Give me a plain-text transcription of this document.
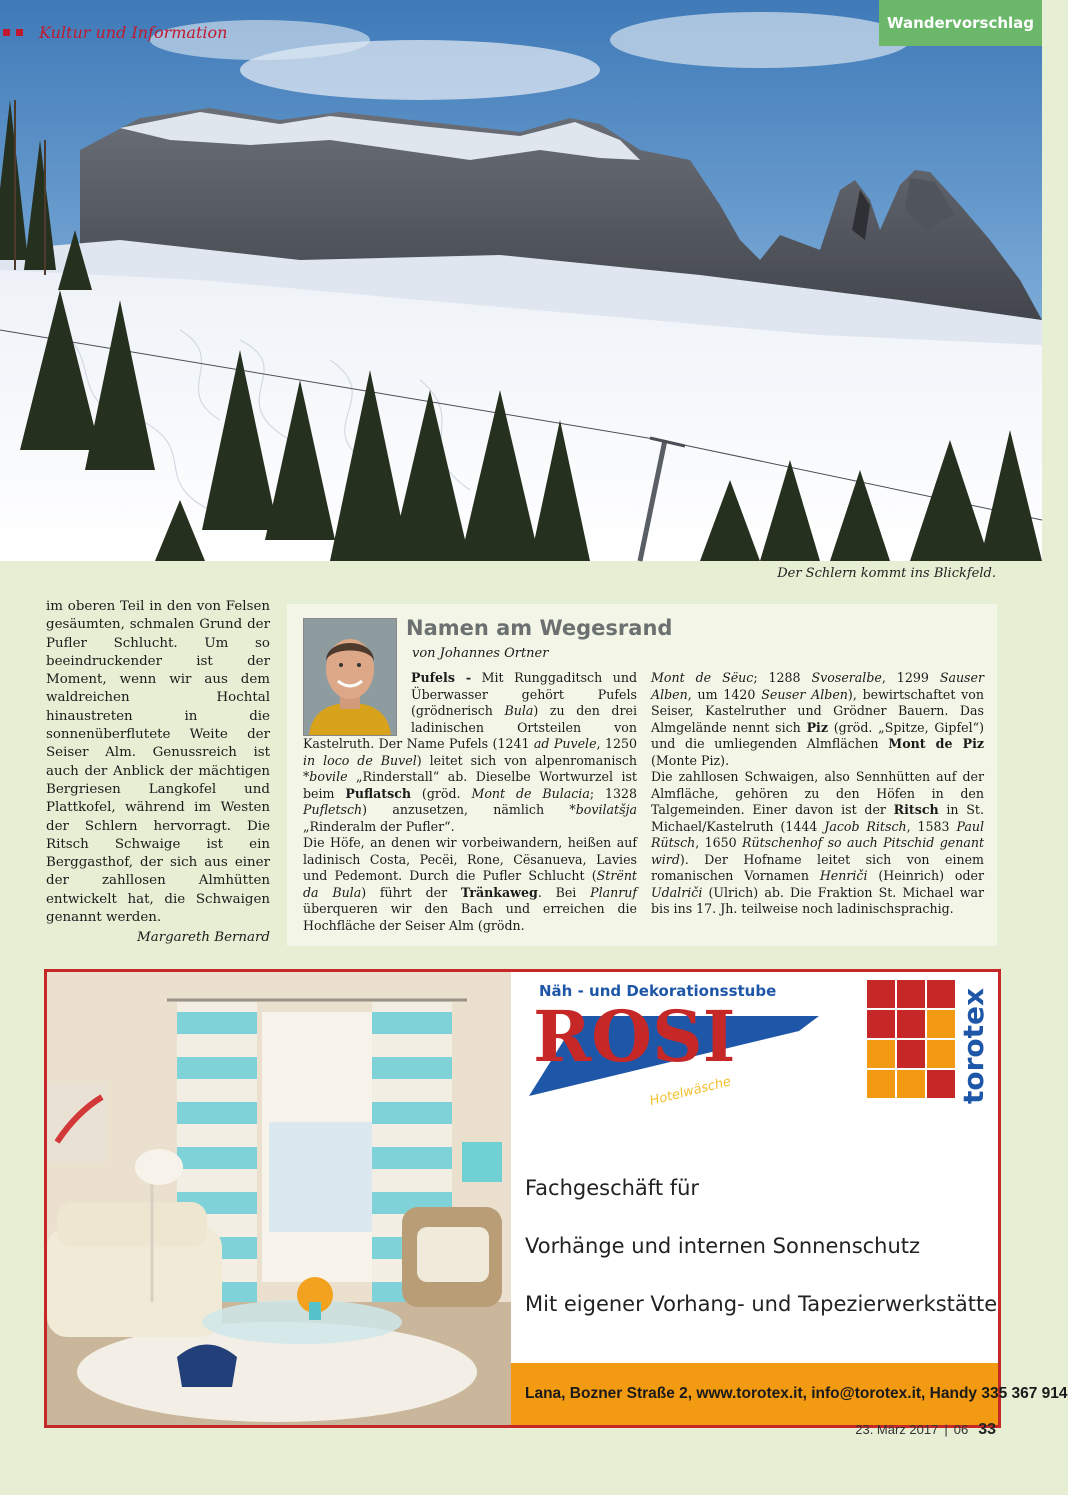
Kultur und Information	Wandervorschlag
Der Schlern kommt ins Blickfeld.
im oberen Teil in den von Felsen gesäumten, schmalen Grund der Pufler Schlucht. Um so beeindruckender ist der Moment, wenn wir aus dem waldreichen Hochtal hinaustreten in die sonnenüberflutete Weite der Seiser Alm. Genussreich ist auch der Anblick der mächtigen Bergriesen Langkofel und Plattkofel, während im Westen der Schlern hervorragt. Die Ritsch Schwaige ist ein Berggasthof, der sich aus einer der zahllosen Almhütten entwickelt hat, die Schwaigen genannt werden.
Margareth Bernard
Namen am Wegesrand
von Johannes Ortner

Pufels - Mit Runggaditsch und Überwasser gehört Pufels (grödnerisch Bula) zu den drei ladinischen Ortsteilen von Kastelruth. Der Name Pufels (1241 ad Puvele, 1250 in loco de Buvel) leitet sich von alpenromanisch *bovile „Rinderstall“ ab. Dieselbe Wortwurzel ist beim Puflatsch (gröd. Mont de Bulacia; 1328 Pufletsch) anzusetzen, nämlich *bovilatšja „Rinderalm der Pufler“.

Die Höfe, an denen wir vorbeiwandern, heißen auf ladinisch Costa, Pecëi, Rone, Cësanueva, Lavies und Pedemont. Durch die Pufler Schlucht (Strënt da Bula) führt der Tränkaweg. Bei Planruf überqueren wir den Bach und erreichen die Hochfläche der Seiser Alm (grödn.

Mont de Sëuc; 1288 Svoseralbe, 1299 Sauser Alben, um 1420 Seuser Alben), bewirtschaftet von Seiser, Kastelruther und Grödner Bauern. Das Almgelände nennt sich Piz (gröd. „Spitze, Gipfel“) und die umliegenden Almflächen Mont de Piz (Monte Piz).

Die zahllosen Schwaigen, also Sennhütten auf der Almfläche, gehören zu den Höfen in den Talgemeinden. Einer davon ist der Ritsch in St. Michael/Kastelruth (1444 Jacob Ritsch, 1583 Paul Rütsch, 1650 Rütschenhof so auch Pitschid genant wird). Der Hofname leitet sich von einem romanischen Vornamen Henriči (Heinrich) oder Udalriči (Ulrich) ab. Die Fraktion St. Michael war bis ins 17. Jh. teilweise noch ladinischsprachig.

Näh - und Dekorationsstube
ROSI
Hotelwäsche	torotex
Fachgeschäft für
Vorhänge und internen Sonnenschutz
Mit eigener Vorhang- und Tapezierwerkstätte
Lana, Bozner Straße 2, www.torotex.it, info@torotex.it, Handy 335 367 914
23. März 2017 | 06 33
